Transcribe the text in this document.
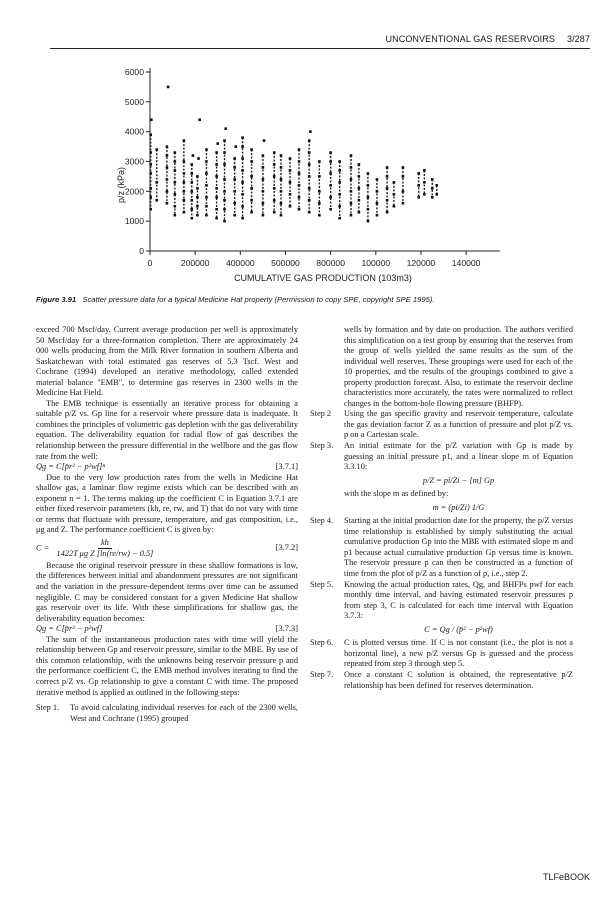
UNCONVENTIONAL GAS RESERVOIRS 3/287
p/z (kPa)
CUMULATIVE GAS PRODUCTION (103m3)
0
1000
2000
3000
4000
5000
6000
0	200000 400000 500000 800000 100000 120000 140000
Figure 3.91 Scatter pressure data for a typical Medicine Hat property (Permission to copy SPE, copyright SPE 1995).

exceed 700 Mscf/day. Current average production per well is approximately 50 Mscf/day for a three-formation completion. There are approximately 24 000 wells producing from the Milk River formation in southern Alberta and Saskatchewan with total estimated gas reserves of 5.3 Tscf. West and Cochrane (1994) developed an iterative methodology, called extended material balance "EMB", to determine gas reserves in 2300 wells in the Medicine Hat Field.

The EMB technique is essentially an iterative process for obtaining a suitable p/Z vs. Gp line for a reservoir where pressure data is inadequate. It combines the principles of volumetric gas depletion with the gas deliverability equation. The deliverability equation for radial flow of gas describes the relationship between the pressure differential in the wellbore and the gas flow rate from the well:

Qg = C[p̄r² − p²wf]ⁿ	[3.7.1]

Due to the very low production rates from the wells in Medicine Hat shallow gas, a laminar flow regime exists which can be described with an exponent n = 1. The terms making up the coefficient C in Equation 3.7.1 are either fixed reservoir parameters (kh, re, rw, and T) that do not vary with time or terms that fluctuate with pressure, temperature, and gas composition, i.e., μg and Z. The performance coefficient C is given by:

$C = \frac{kh}{\text{1422T μg Z [ln(re/rw) − 0.5]}}$	[3.7.2]

Because the original reservoir pressure in these shallow formations is low, the differences between initial and abandonment pressures are not significant and the variation in the pressure-dependent terms over time can be assumed negligible. C may be considered constant for a given Medicine Hat shallow gas reservoir over its life. With these simplifications for shallow gas, the deliverability equation becomes:

Qg = C[p̄r² − p²wf]	[3.7.3]

The sum of the instantaneous production rates with time will yield the relationship between Gp and reservoir pressure, similar to the MBE. By use of this common relationship, with the unknowns being reservoir pressure p and the performance coefficient C, the EMB method involves iterating to find the correct p/Z vs. Gp relationship to give a constant C with time. The proposed iterative method is applied as outlined in the following steps:

Step 1.	To avoid calculating individual reserves for each of the 2300 wells, West and Cochrane (1995) grouped

wells by formation and by date on production. The authors verified this simplification on a test group by ensuring that the reserves from the group of wells yielded the same results as the sum of the individual well reserves. These groupings were used for each of the 10 properties, and the results of the groupings combined to give a property production forecast. Also, to estimate the reservoir decline characteristics more accurately, the rates were normalized to reflect changes in the bottom-hole flowing pressure (BHFP).

Step 2	Using the gas specific gravity and reservoir temperature, calculate the gas deviation factor Z as a function of pressure and plot p/Z vs. p on a Cartesian scale.
Step 3.	An initial estimate for the p/Z variation with Gp is made by guessing an initial pressure p1, and a linear slope m of Equation 3.3.10:
p/Z = pi/Zi − [m] Gp

with the slope m as defined by:

m = (pi/Zi) 1/G
Step 4.	Starting at the initial production date for the property, the p/Z versus time relationship is established by simply substituting the actual cumulative production Gp into the MBE with estimated slope m and p1 because actual cumulative production Gp versus time is known. The reservoir pressure p can then be constructed as a function of time from the plot of p/Z as a function of p, i.e., step 2.
Step 5.	Knowing the actual production rates, Qg, and BHFPs pwf for each monthly time interval, and having estimated reservoir pressures p from step 3, C is calculated for each time interval with Equation 3.7.3:
C = Qg / (p̄² − p²wf)
Step 6.	C is plotted versus time. If C is not constant (i.e., the plot is not a horizontal line), a new p/Z versus Gp is guessed and the process repeated from step 3 through step 5.
Step 7.	Once a constant C solution is obtained, the representative p/Z relationship has been defined for reserves determination.
TLFeBOOK
